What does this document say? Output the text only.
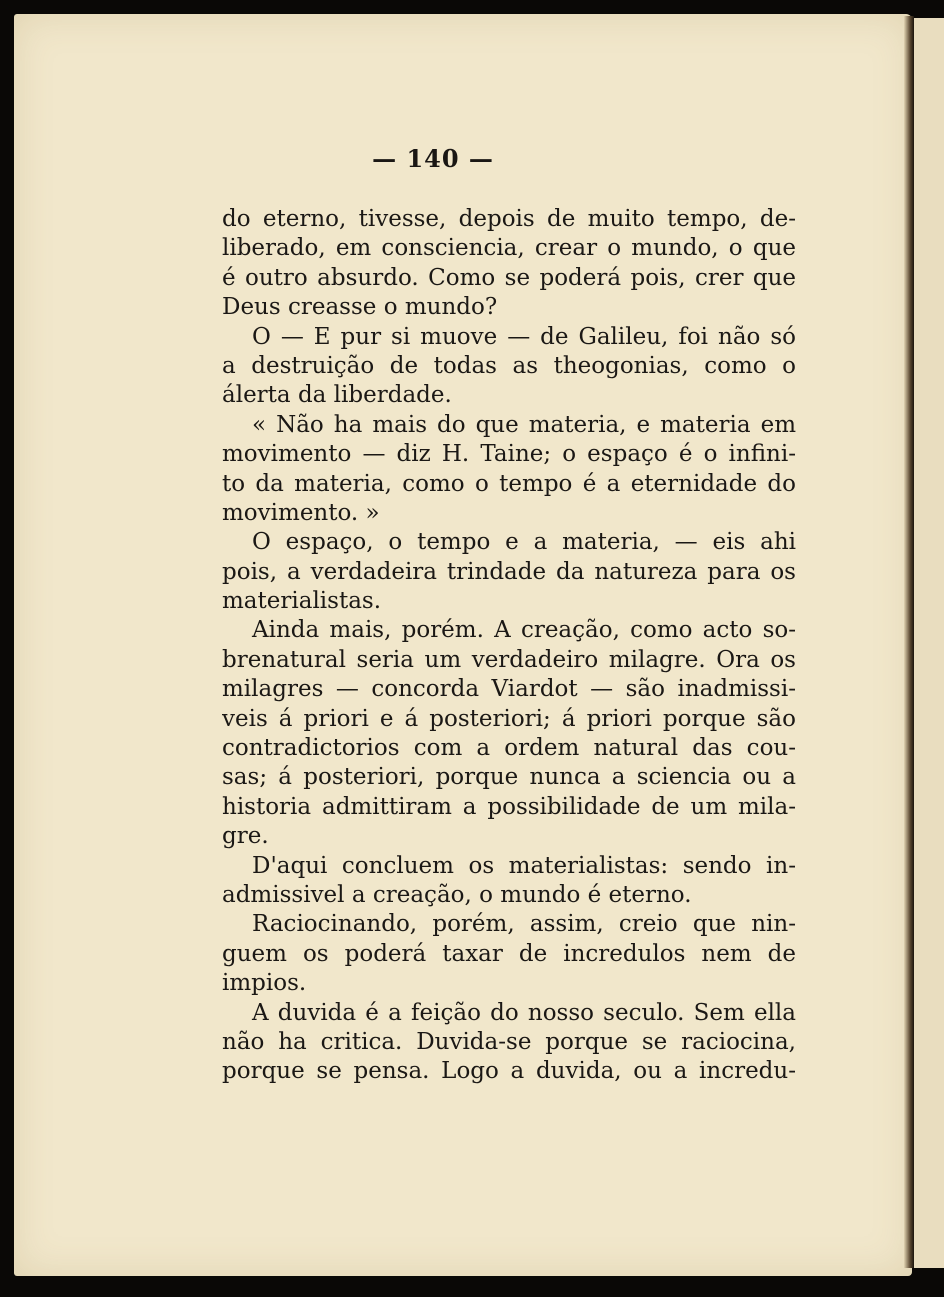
— 140 —
do eterno, tivesse, depois de muito tempo, de-
liberado, em consciencia, crear o mundo, o que
é outro absurdo. Como se poderá pois, crer que
Deus creasse o mundo?
O — E pur si muove — de Galileu, foi não só
a destruição de todas as theogonias, como o
álerta da liberdade.
« Não ha mais do que materia, e materia em
movimento — diz H. Taine; o espaço é o infini-
to da materia, como o tempo é a eternidade do
movimento. »
O espaço, o tempo e a materia, — eis ahi
pois, a verdadeira trindade da natureza para os
materialistas.
Ainda mais, porém. A creação, como acto so-
brenatural seria um verdadeiro milagre. Ora os
milagres — concorda Viardot — são inadmissi-
veis á priori e á posteriori; á priori porque são
contradictorios com a ordem natural das cou-
sas; á posteriori, porque nunca a sciencia ou a
historia admittiram a possibilidade de um mila-
gre.
D'aqui concluem os materialistas: sendo in-
admissivel a creação, o mundo é eterno.
Raciocinando, porém, assim, creio que nin-
guem os poderá taxar de incredulos nem de
impios.
A duvida é a feição do nosso seculo. Sem ella
não ha critica. Duvida-se porque se raciocina,
porque se pensa. Logo a duvida, ou a incredu-
